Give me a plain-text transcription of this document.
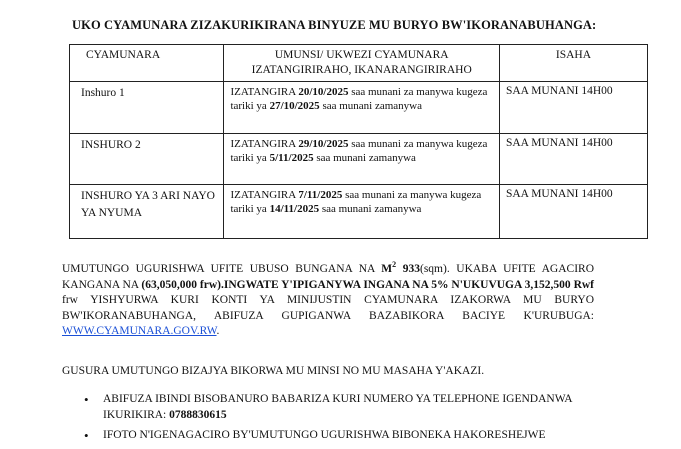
UKO CYAMUNARA ZIZAKURIKIRANA BINYUZE MU BURYO BW'IKORANABUHANGA:
CYAMUNARA	UMUNSI/ UKWEZI CYAMUNARA IZATANGIRIRAHO, IKANARANGIRIRAHO	ISAHA
Inshuro 1	IZATANGIRA 20/10/2025 saa munani za manywa kugeza tariki ya 27/10/2025 saa munani zamanywa	SAA MUNANI 14H00
INSHURO 2	IZATANGIRA 29/10/2025 saa munani za manywa kugeza tariki ya 5/11/2025 saa munani zamanywa	SAA MUNANI 14H00
INSHURO YA 3 ARI NAYO YA NYUMA	IZATANGIRA 7/11/2025 saa munani za manywa kugeza tariki ya 14/11/2025 saa munani zamanywa	SAA MUNANI 14H00
UMUTUNGO UGURISHWA UFITE UBUSO BUNGANA NA $M^2$ 933(sqm). UKABA UFITE AGACIRO KANGANA NA (63,050,000 frw).INGWATE Y'IPIGANYWA INGANA NA 5% N'UKUVUGA 3,152,500 Rwf frw YISHYURWA KURI KONTI YA MINIJUSTIN CYAMUNARA IZAKORWA MU BURYO BW'IKORANABUHANGA, ABIFUZA GUPIGANWA BAZABIKORA BACIYE K'URUBUGA: WWW.CYAMUNARA.GOV.RW.
GUSURA UMUTUNGO BIZAJYA BIKORWA MU MINSI NO MU MASAHA Y'AKAZI.
• ABIFUZA IBINDI BISOBANURO BABARIZA KURI NUMERO YA TELEPHONE IGENDANWA IKURIKIRA: 0788830615
• IFOTO N'IGENAGACIRO BY'UMUTUNGO UGURISHWA BIBONEKA HAKORESHEJWE
